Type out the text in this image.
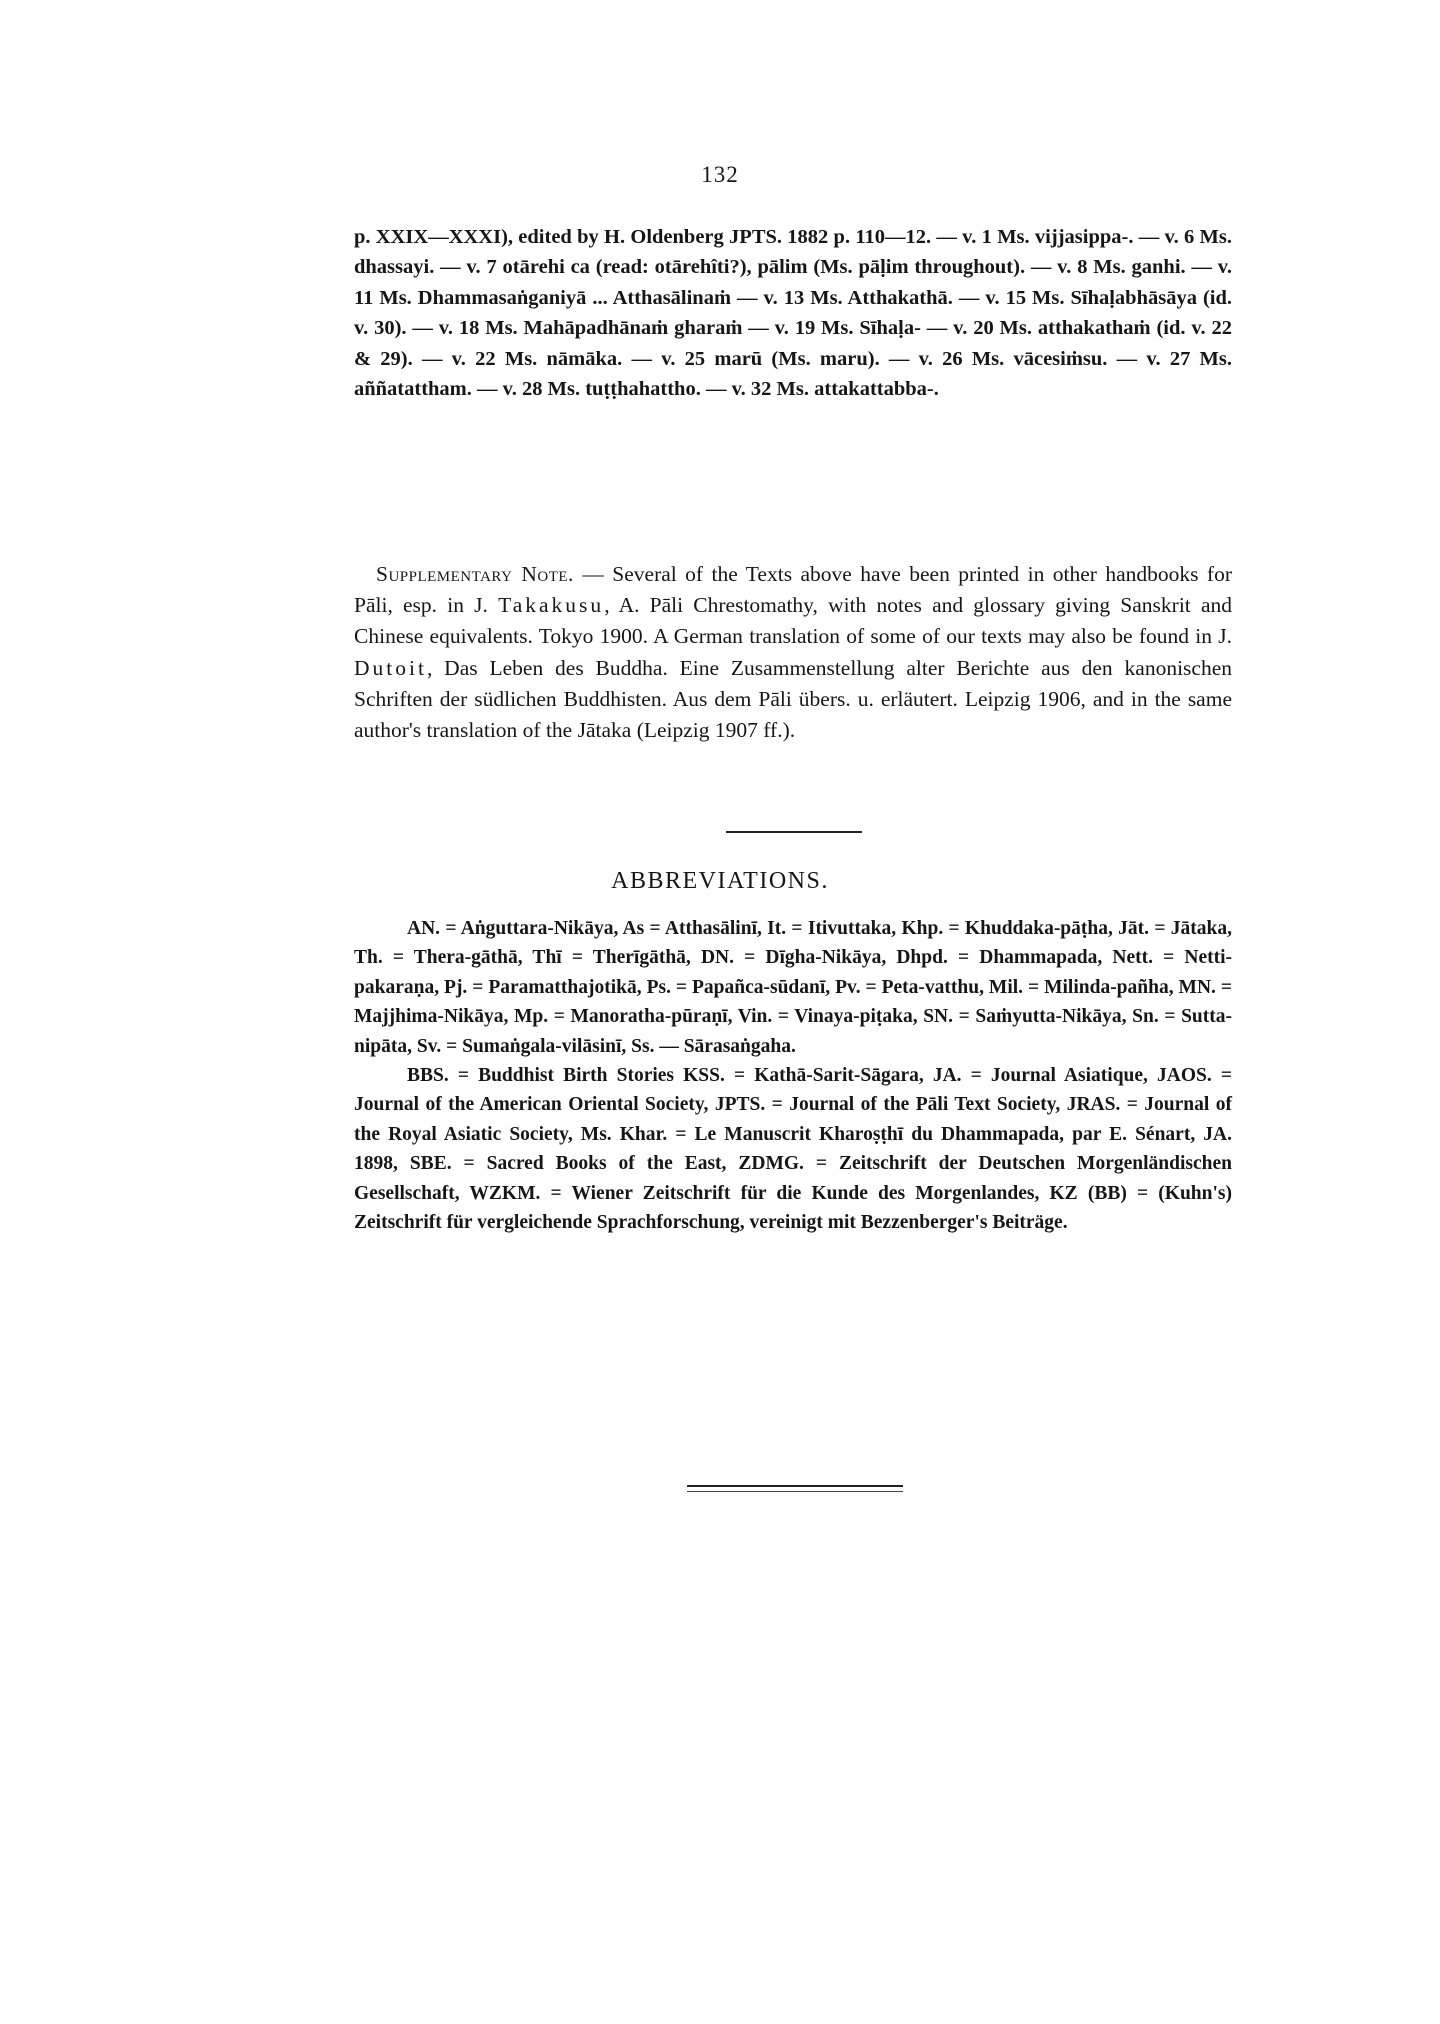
132
p. XXIX—XXXI), edited by H. Oldenberg JPTS. 1882 p. 110—12. — v. 1 Ms. vijjasippa-. — v. 6 Ms. dhassayi. — v. 7 otārehi ca (read: otārehîti?), pālim (Ms. pāḷim throughout). — v. 8 Ms. ganhi. — v. 11 Ms. Dhammasaṅganiyā ... Atthasālinaṁ — v. 13 Ms. Atthakathā. — v. 15 Ms. Sīhaḷabhāsāya (id. v. 30). — v. 18 Ms. Mahāpadhānaṁ gharaṁ — v. 19 Ms. Sīhaḷa- — v. 20 Ms. atthakathaṁ (id. v. 22 & 29). — v. 22 Ms. nāmāka. — v. 25 marū (Ms. maru). — v. 26 Ms. vācesiṁsu. — v. 27 Ms. aññatattham. — v. 28 Ms. tuṭṭhahattho. — v. 32 Ms. attakattabba-.
Supplementary Note. — Several of the Texts above have been printed in other handbooks for Pāli, esp. in J. Takakusu, A. Pāli Chrestomathy, with notes and glossary giving Sanskrit and Chinese equivalents. Tokyo 1900. A German translation of some of our texts may also be found in J. Dutoit, Das Leben des Buddha. Eine Zusammenstellung alter Berichte aus den kanonischen Schriften der südlichen Buddhisten. Aus dem Pāli übers. u. erläutert. Leipzig 1906, and in the same author's translation of the Jātaka (Leipzig 1907 ff.).
ABBREVIATIONS.

AN. = Aṅguttara-Nikāya, As = Atthasālinī, It. = Itivuttaka, Khp. = Khuddaka-pāṭha, Jāt. = Jātaka, Th. = Thera-gāthā, Thī = Therīgāthā, DN. = Dīgha-Nikāya, Dhpd. = Dhammapada, Nett. = Netti-pakaraṇa, Pj. = Paramatthajotikā, Ps. = Papañca-sūdanī, Pv. = Peta-vatthu, Mil. = Milinda-pañha, MN. = Majjhima-Nikāya, Mp. = Manoratha-pūraṇī, Vin. = Vinaya-piṭaka, SN. = Saṁyutta-Nikāya, Sn. = Sutta-nipāta, Sv. = Sumaṅgala-vilāsinī, Ss. — Sārasaṅgaha.

BBS. = Buddhist Birth Stories KSS. = Kathā-Sarit-Sāgara, JA. = Journal Asiatique, JAOS. = Journal of the American Oriental Society, JPTS. = Journal of the Pāli Text Society, JRAS. = Journal of the Royal Asiatic Society, Ms. Khar. = Le Manuscrit Kharoṣṭhī du Dhammapada, par E. Sénart, JA. 1898, SBE. = Sacred Books of the East, ZDMG. = Zeitschrift der Deutschen Morgenländischen Gesellschaft, WZKM. = Wiener Zeitschrift für die Kunde des Morgenlandes, KZ (BB) = (Kuhn's) Zeitschrift für vergleichende Sprachforschung, vereinigt mit Bezzenberger's Beiträge.
